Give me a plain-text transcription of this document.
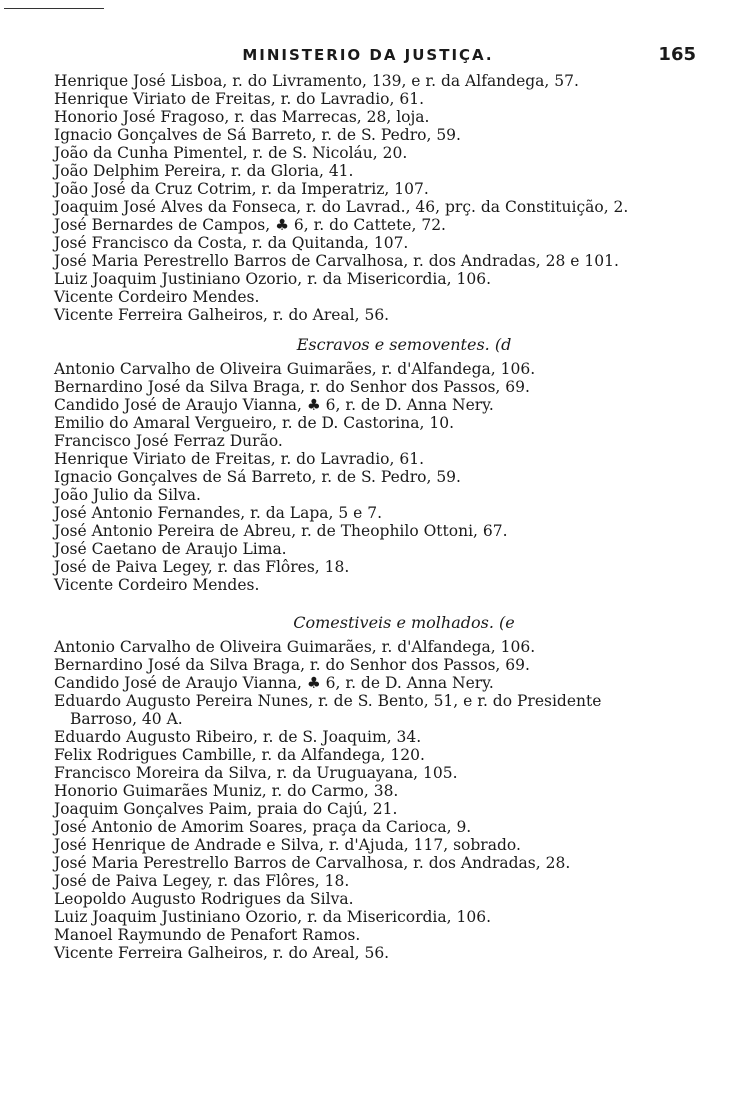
MINISTERIO DA JUSTIÇA.	165
Henrique José Lisboa, r. do Livramento, 139, e r. da Alfandega, 57.
Henrique Viriato de Freitas, r. do Lavradio, 61.
Honorio José Fragoso, r. das Marrecas, 28, loja.
Ignacio Gonçalves de Sá Barreto, r. de S. Pedro, 59.
João da Cunha Pimentel, r. de S. Nicoláu, 20.
João Delphim Pereira, r. da Gloria, 41.
João José da Cruz Cotrim, r. da Imperatriz, 107.
Joaquim José Alves da Fonseca, r. do Lavrad., 46, prç. da Constituição, 2.
José Bernardes de Campos, ♣ 6, r. do Cattete, 72.
José Francisco da Costa, r. da Quitanda, 107.
José Maria Perestrello Barros de Carvalhosa, r. dos Andradas, 28 e 101.
Luiz Joaquim Justiniano Ozorio, r. da Misericordia, 106.
Vicente Cordeiro Mendes.
Vicente Ferreira Galheiros, r. do Areal, 56.
Escravos e semoventes. (d
Antonio Carvalho de Oliveira Guimarães, r. d'Alfandega, 106.
Bernardino José da Silva Braga, r. do Senhor dos Passos, 69.
Candido José de Araujo Vianna, ♣ 6, r. de D. Anna Nery.
Emilio do Amaral Vergueiro, r. de D. Castorina, 10.
Francisco José Ferraz Durão.
Henrique Viriato de Freitas, r. do Lavradio, 61.
Ignacio Gonçalves de Sá Barreto, r. de S. Pedro, 59.
João Julio da Silva.
José Antonio Fernandes, r. da Lapa, 5 e 7.
José Antonio Pereira de Abreu, r. de Theophilo Ottoni, 67.
José Caetano de Araujo Lima.
José de Paiva Legey, r. das Flôres, 18.
Vicente Cordeiro Mendes.
Comestiveis e molhados. (e
Antonio Carvalho de Oliveira Guimarães, r. d'Alfandega, 106.
Bernardino José da Silva Braga, r. do Senhor dos Passos, 69.
Candido José de Araujo Vianna, ♣ 6, r. de D. Anna Nery.
Eduardo Augusto Pereira Nunes, r. de S. Bento, 51, e r. do Presidente
Barroso, 40 A.
Eduardo Augusto Ribeiro, r. de S. Joaquim, 34.
Felix Rodrigues Cambille, r. da Alfandega, 120.
Francisco Moreira da Silva, r. da Uruguayana, 105.
Honorio Guimarães Muniz, r. do Carmo, 38.
Joaquim Gonçalves Paim, praia do Cajú, 21.
José Antonio de Amorim Soares, praça da Carioca, 9.
José Henrique de Andrade e Silva, r. d'Ajuda, 117, sobrado.
José Maria Perestrello Barros de Carvalhosa, r. dos Andradas, 28.
José de Paiva Legey, r. das Flôres, 18.
Leopoldo Augusto Rodrigues da Silva.
Luiz Joaquim Justiniano Ozorio, r. da Misericordia, 106.
Manoel Raymundo de Penafort Ramos.
Vicente Ferreira Galheiros, r. do Areal, 56.
